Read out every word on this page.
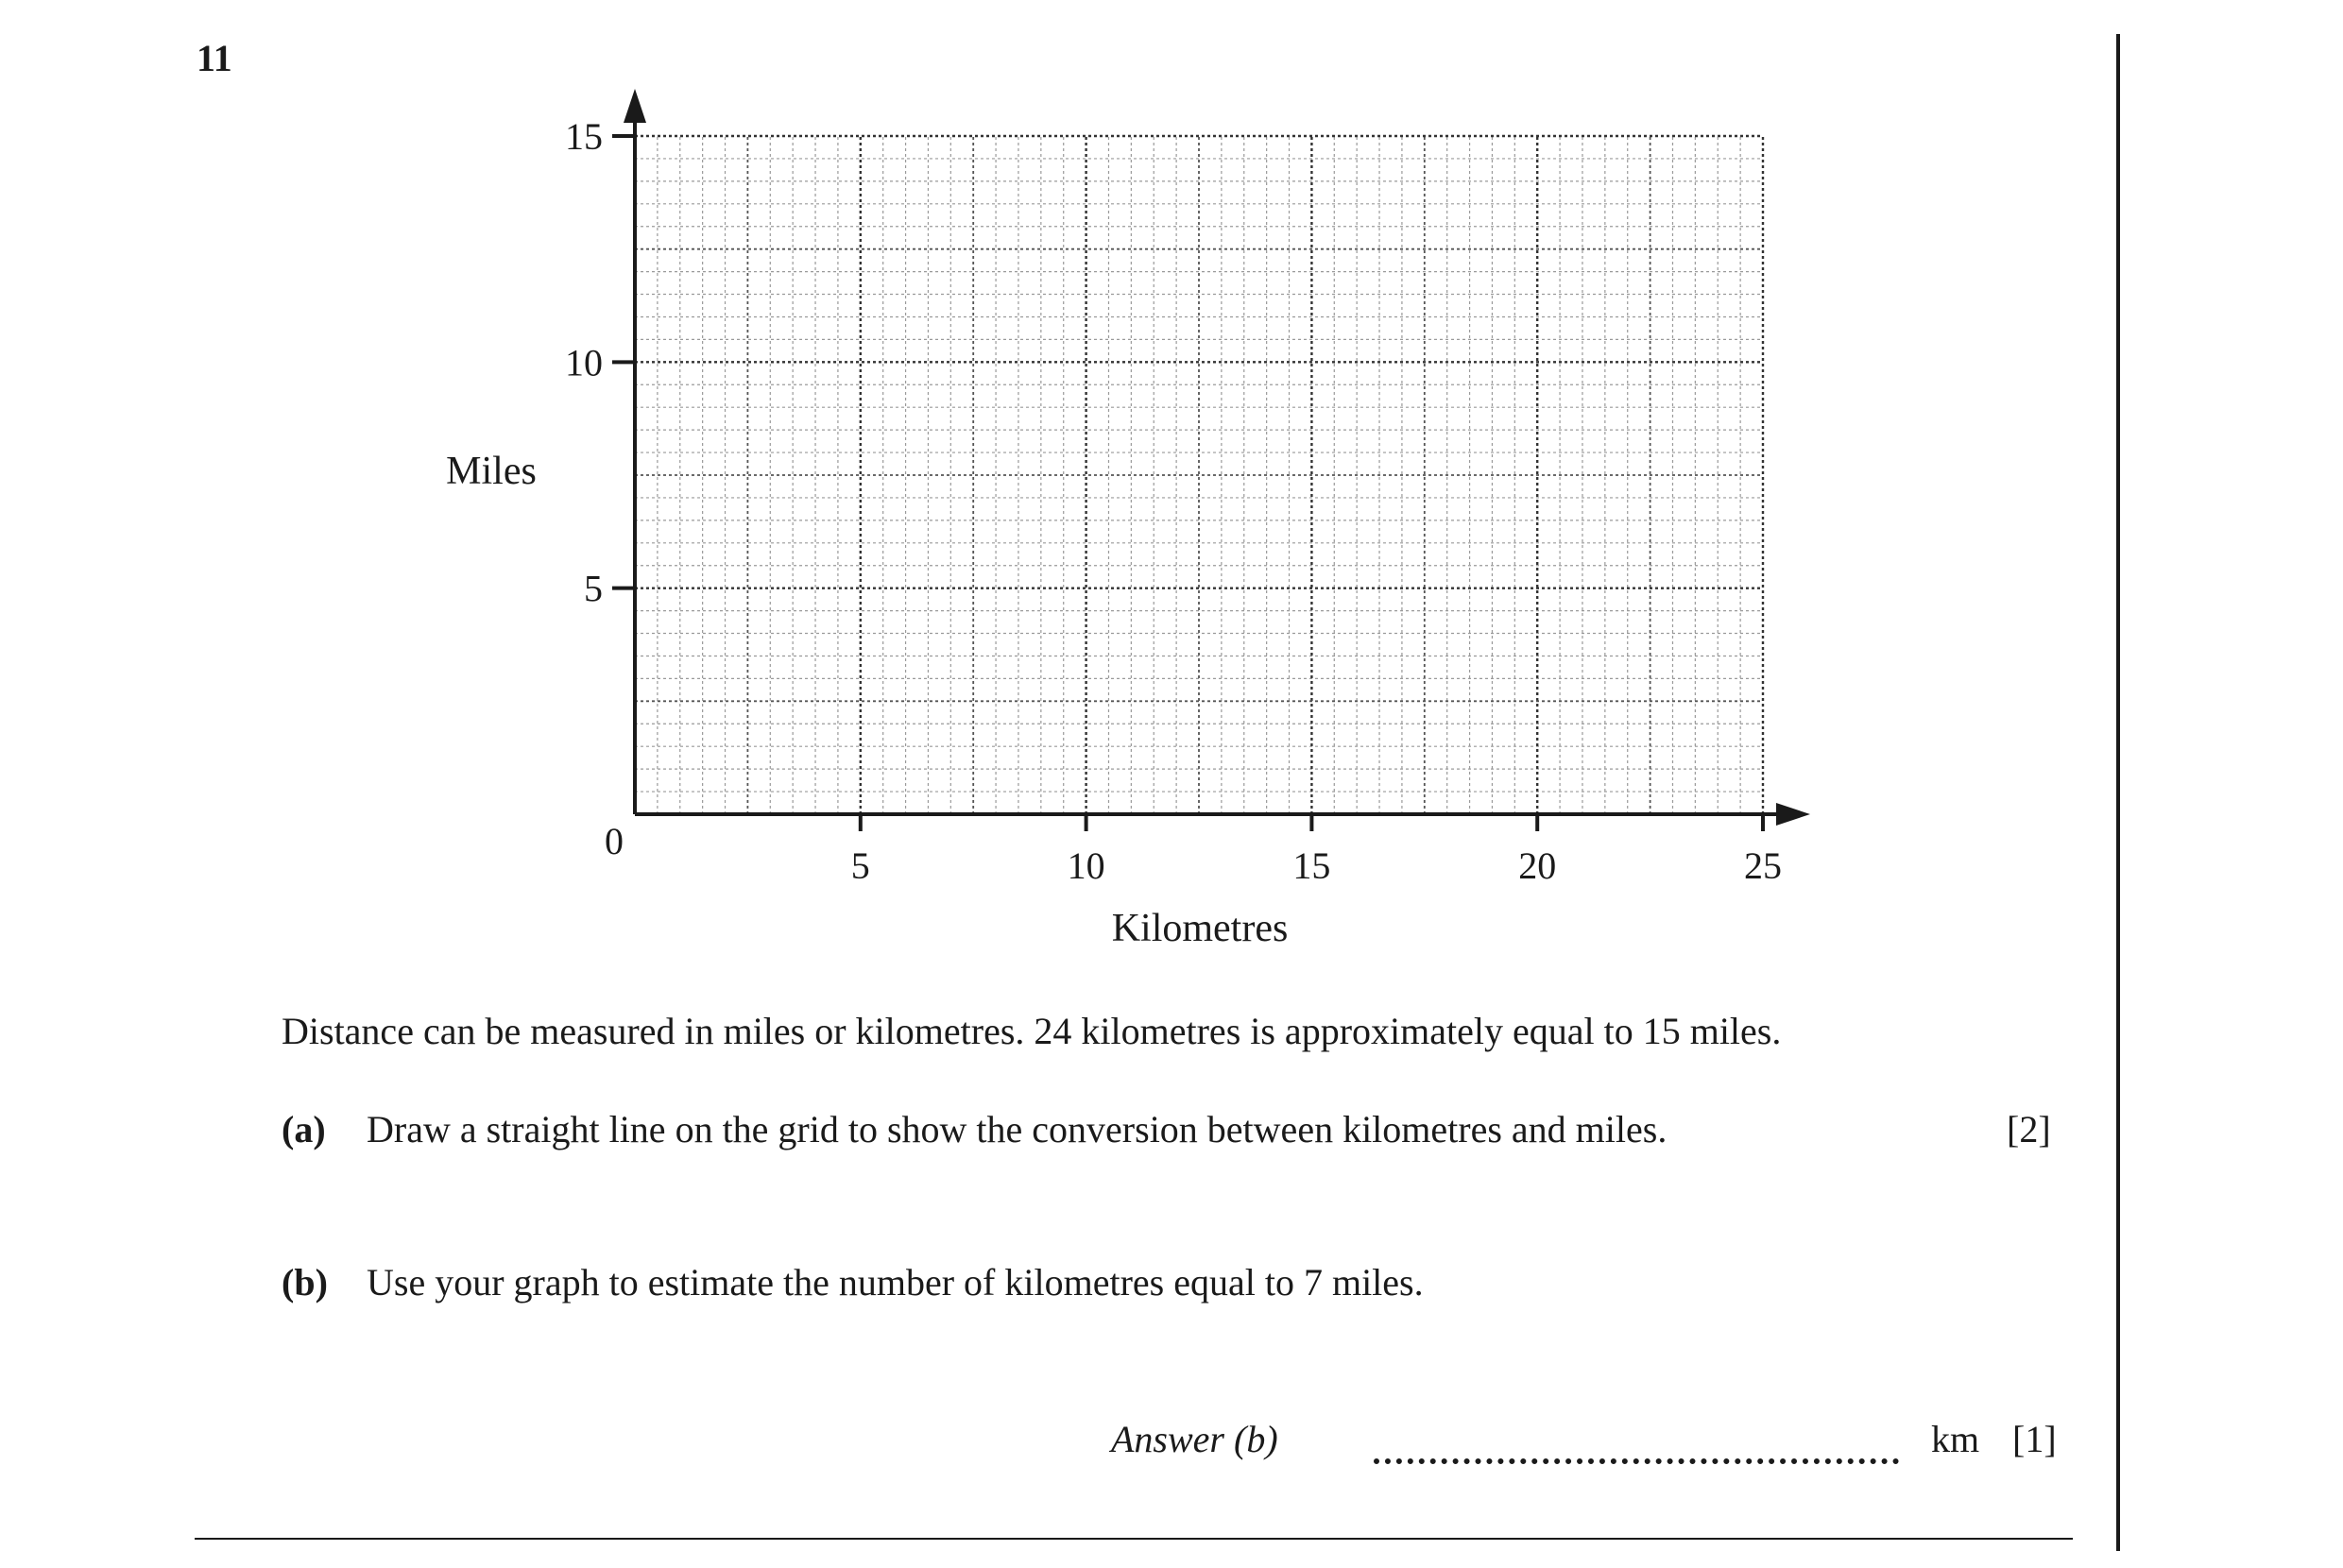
11
5	10	15	20	25
5
10
15
0
Kilometres
Miles
Distance can be measured in miles or kilometres. 24 kilometres is approximately equal to 15 miles.
(a) Draw a straight line on the grid to show the conversion between kilometres and miles.	[2]
(b) Use your graph to estimate the number of kilometres equal to 7 miles.
Answer (b)	km [1]
